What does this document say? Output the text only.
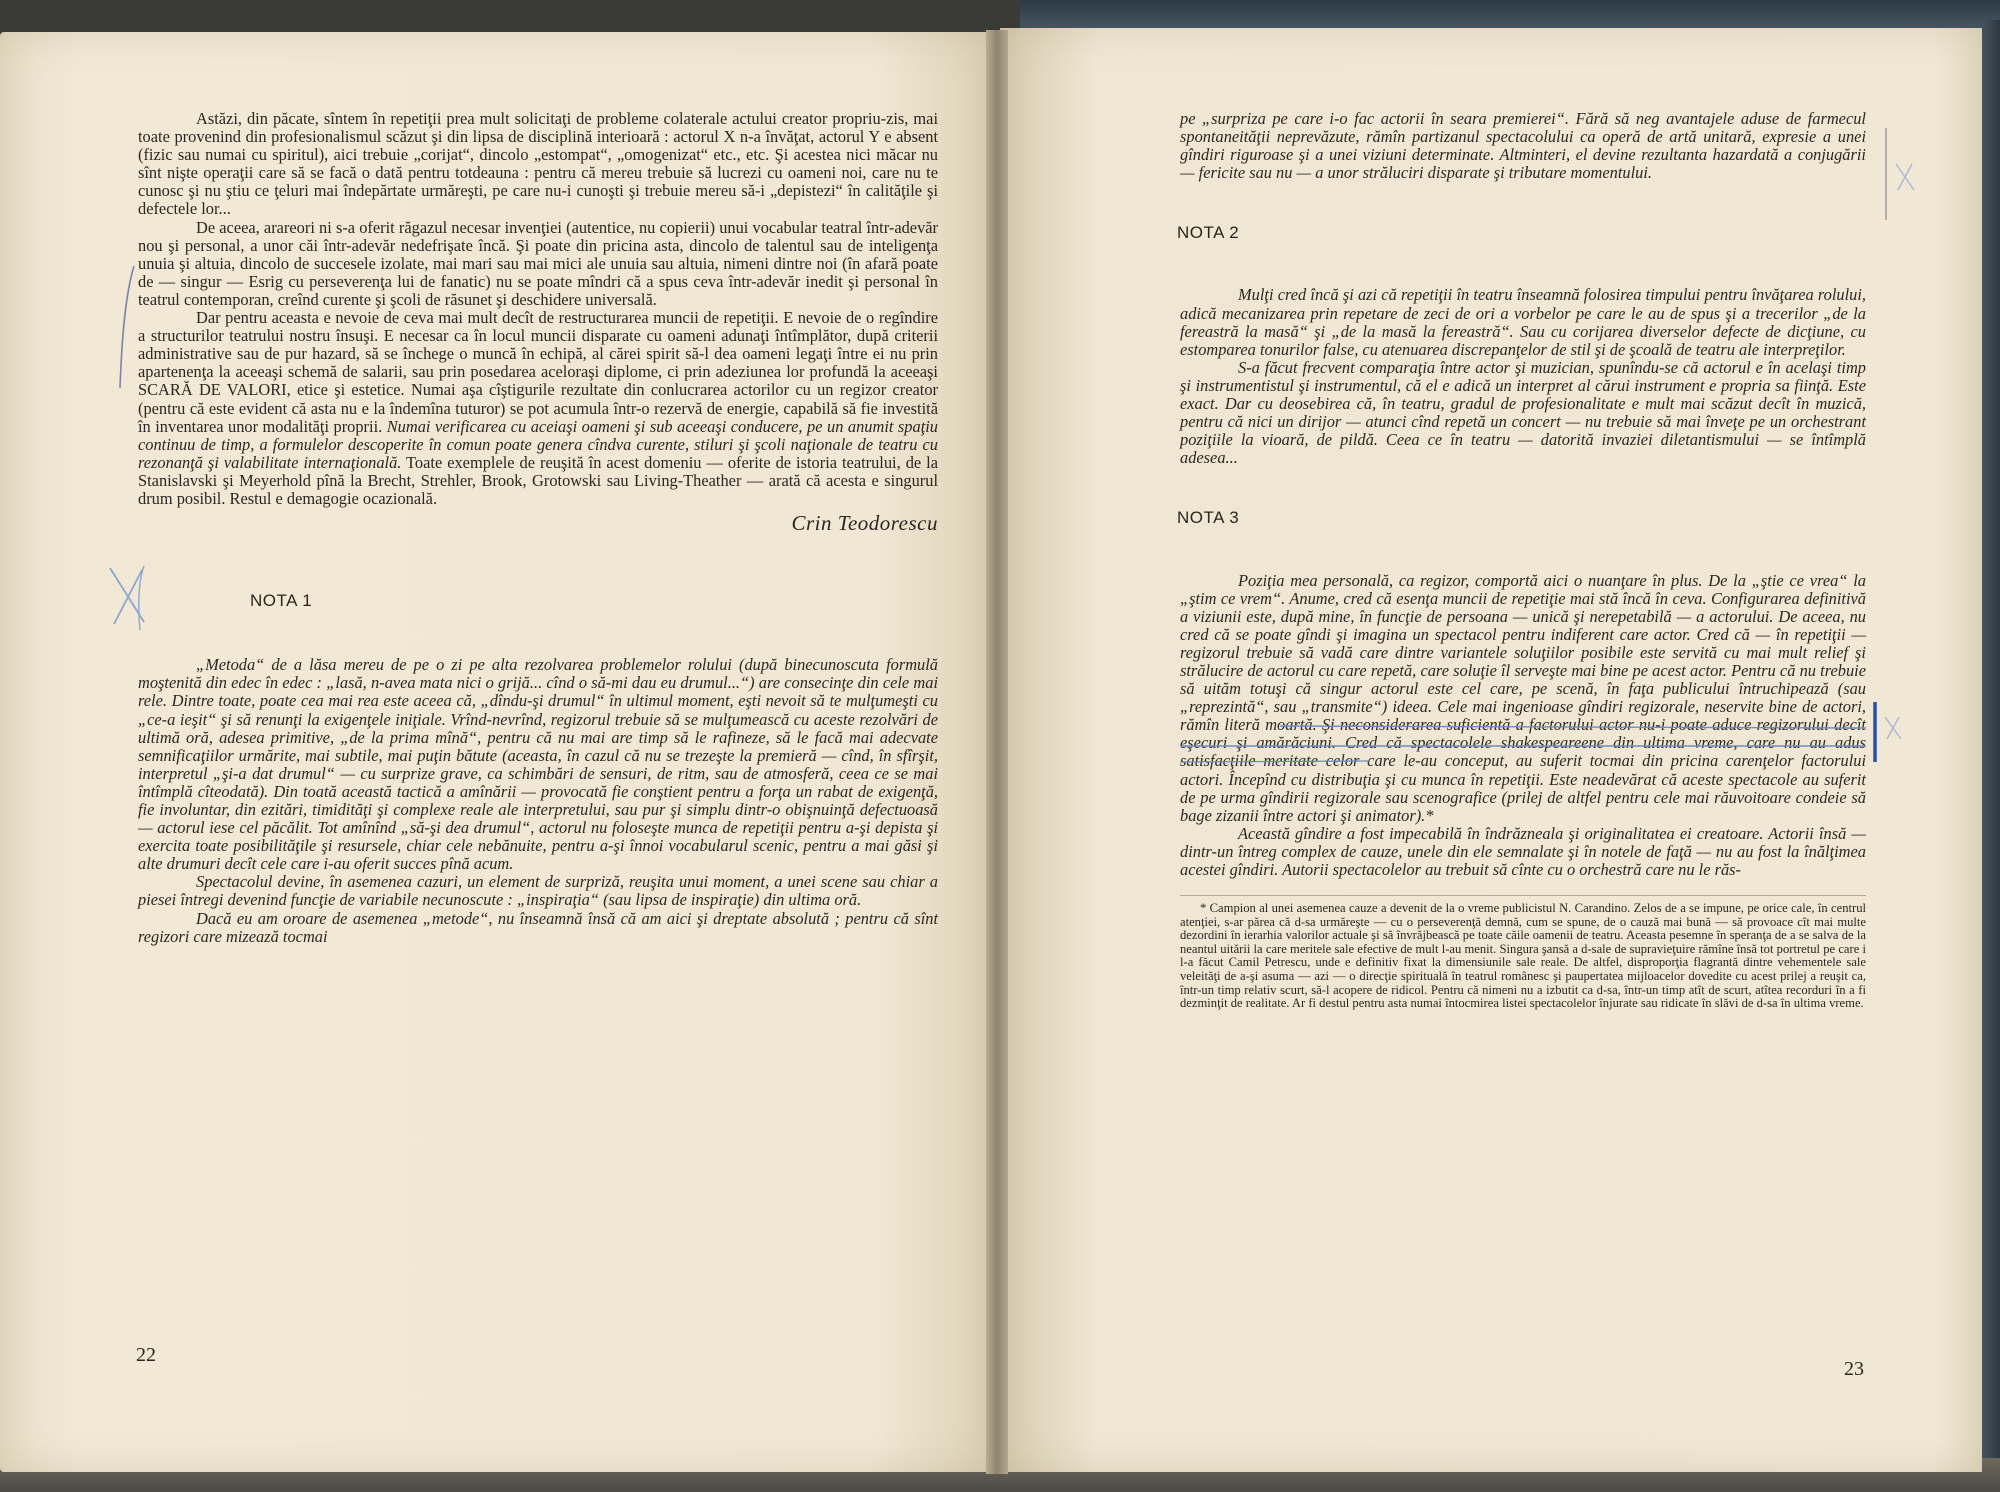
Astăzi, din păcate, sîntem în repetiţii prea mult solicitaţi de probleme colaterale actului creator propriu-zis, mai toate provenind din profesionalismul scăzut şi din lipsa de disciplină interioară : actorul X n-a învăţat, actorul Y e absent (fizic sau numai cu spiritul), aici trebuie „corijat“, dincolo „estompat“, „omogenizat“ etc., etc. Şi acestea nici măcar nu sînt nişte operaţii care să se facă o dată pentru totdeauna : pentru că mereu trebuie să lucrezi cu oameni noi, care nu te cunosc şi nu ştiu ce ţeluri mai îndepărtate urmăreşti, pe care nu-i cunoşti şi trebuie mereu să-i „depistezi“ în calităţile şi defectele lor...

De aceea, arareori ni s-a oferit răgazul necesar invenţiei (autentice, nu copierii) unui vocabular teatral într-adevăr nou şi personal, a unor căi într-adevăr nedefrişate încă. Şi poate din pricina asta, dincolo de talentul sau de inteligenţa unuia şi altuia, dincolo de succesele izolate, mai mari sau mai mici ale unuia sau altuia, nimeni dintre noi (în afară poate de — singur — Esrig cu perseverenţa lui de fanatic) nu se poate mîndri că a spus ceva într-adevăr inedit şi personal în teatrul contemporan, creînd curente şi şcoli de răsunet şi deschidere universală.

Dar pentru aceasta e nevoie de ceva mai mult decît de restructurarea muncii de repetiţii. E nevoie de o regîndire a structurilor teatrului nostru însuşi. E necesar ca în locul muncii disparate cu oameni adunaţi întîmplător, după criterii administrative sau de pur hazard, să se închege o muncă în echipă, al cărei spirit să-l dea oameni legaţi între ei nu prin apartenenţa la aceeaşi schemă de salarii, sau prin posedarea aceloraşi diplome, ci prin adeziunea lor profundă la aceeaşi SCARĂ DE VALORI, etice şi estetice. Numai aşa cîştigurile rezultate din conlucrarea actorilor cu un regizor creator (pentru că este evident că asta nu e la îndemîna tuturor) se pot acumula într-o rezervă de energie, capabilă să fie investită în inventarea unor modalităţi proprii. Numai verificarea cu aceiaşi oameni şi sub aceeaşi conducere, pe un anumit spaţiu continuu de timp, a formulelor descoperite în comun poate genera cîndva curente, stiluri şi şcoli naţionale de teatru cu rezonanţă şi valabilitate internaţională. Toate exemplele de reuşită în acest domeniu — oferite de istoria teatrului, de la Stanislavski şi Meyerhold pînă la Brecht, Strehler, Brook, Grotowski sau Living-Theather — arată că acesta e singurul drum posibil. Restul e demagogie ocazională.

Crin Teodorescu

NOTA 1

„Metoda“ de a lăsa mereu de pe o zi pe alta rezolvarea problemelor rolului (după binecunoscuta formulă moştenită din edec în edec : „lasă, n-avea mata nici o grijă... cînd o să-mi dau eu drumul...“) are consecinţe din cele mai rele. Dintre toate, poate cea mai rea este aceea că, „dîndu-şi drumul“ în ultimul moment, eşti nevoit să te mulţumeşti cu „ce-a ieşit“ şi să renunţi la exigenţele iniţiale. Vrînd-nevrînd, regizorul trebuie să se mulţumească cu aceste rezolvări de ultimă oră, adesea primitive, „de la prima mînă“, pentru că nu mai are timp să le rafineze, să le facă mai adecvate semnificaţiilor urmărite, mai subtile, mai puţin bătute (aceasta, în cazul că nu se trezeşte la premieră — cînd, în sfîrşit, interpretul „şi-a dat drumul“ — cu surprize grave, ca schimbări de sensuri, de ritm, sau de atmosferă, ceea ce se mai întîmplă cîteodată). Din toată această tactică a amînării — provocată fie conştient pentru a forţa un rabat de exigenţă, fie involuntar, din ezitări, timidităţi şi complexe reale ale interpretului, sau pur şi simplu dintr-o obişnuinţă defectuoasă — actorul iese cel păcălit. Tot amînînd „să-şi dea drumul“, actorul nu foloseşte munca de repetiţii pentru a-şi depista şi exercita toate posibilităţile şi resursele, chiar cele nebănuite, pentru a-şi înnoi vocabularul scenic, pentru a mai găsi şi alte drumuri decît cele care i-au oferit succes pînă acum.

Spectacolul devine, în asemenea cazuri, un element de surpriză, reuşita unui moment, a unei scene sau chiar a piesei întregi devenind funcţie de variabile necunoscute : „inspiraţia“ (sau lipsa de inspiraţie) din ultima oră.

Dacă eu am oroare de asemenea „metode“, nu înseamnă însă că am aici şi dreptate absolută ; pentru că sînt regizori care mizează tocmai

22

pe „surpriza pe care i-o fac actorii în seara premierei“. Fără să neg avantajele aduse de farmecul spontaneităţii neprevăzute, rămîn partizanul spectacolului ca operă de artă unitară, expresie a unei gîndiri riguroase şi a unei viziuni determinate. Altminteri, el devine rezultanta hazardată a conjugării — fericite sau nu — a unor străluciri disparate şi tributare momentului.

NOTA 2

Mulţi cred încă şi azi că repetiţii în teatru înseamnă folosirea timpului pentru învăţarea rolului, adică mecanizarea prin repetare de zeci de ori a vorbelor pe care le au de spus şi a trecerilor „de la fereastră la masă“ şi „de la masă la fereastră“. Sau cu corijarea diverselor defecte de dicţiune, cu estomparea tonurilor false, cu atenuarea discrepanţelor de stil şi de şcoală de teatru ale interpreţilor.

S-a făcut frecvent comparaţia între actor şi muzician, spunîndu-se că actorul e în acelaşi timp şi instrumentistul şi instrumentul, că el e adică un interpret al cărui instrument e propria sa fiinţă. Este exact. Dar cu deosebirea că, în teatru, gradul de profesionalitate e mult mai scăzut decît în muzică, pentru că nici un dirijor — atunci cînd repetă un concert — nu trebuie să mai înveţe pe un orchestrant poziţiile la vioară, de pildă. Ceea ce în teatru — datorită invaziei diletantismului — se întîmplă adesea...

NOTA 3

Poziţia mea personală, ca regizor, comportă aici o nuanţare în plus. De la „ştie ce vrea“ la „ştim ce vrem“. Anume, cred că esenţa muncii de repetiţie mai stă încă în ceva. Configurarea definitivă a viziunii este, după mine, în funcţie de persoana — unică şi nerepetabilă — a actorului. De aceea, nu cred că se poate gîndi şi imagina un spectacol pentru indiferent care actor. Cred că — în repetiţii — regizorul trebuie să vadă care dintre variantele soluţiilor posibile este servită cu mai mult relief şi strălucire de actorul cu care repetă, care soluţie îl serveşte mai bine pe acest actor. Pentru că nu trebuie să uităm totuşi că singur actorul este cel care, pe scenă, în faţa publicului întruchipează (sau „reprezintă“, sau „transmite“) ideea. Cele mai ingenioase gîndiri regizorale, neservite bine de actori, rămîn literă moartă. Şi neconsiderarea suficientă a factorului actor nu-i poate aduce regizorului decît eşecuri şi amărăciuni. Cred că spectacolele shakespeareene din ultima vreme, care nu au adus satisfacţiile meritate celor care le-au conceput, au suferit tocmai din pricina carenţelor factorului actori. Începînd cu distribuţia şi cu munca în repetiţii. Este neadevărat că aceste spectacole au suferit de pe urma gîndirii regizorale sau scenografice (prilej de altfel pentru cele mai răuvoitoare condeie să bage zizanii între actori şi animator).*

Această gîndire a fost impecabilă în îndrăzneala şi originalitatea ei creatoare. Actorii însă — dintr-un întreg complex de cauze, unele din ele semnalate şi în notele de faţă — nu au fost la înălţimea acestei gîndiri. Autorii spectacolelor au trebuit să cînte cu o orchestră care nu le răs-

* Campion al unei asemenea cauze a devenit de la o vreme publicistul N. Carandino. Zelos de a se impune, pe orice cale, în centrul atenţiei, s-ar părea că d-sa urmăreşte — cu o perseverenţă demnă, cum se spune, de o cauză mai bună — să provoace cît mai multe dezordini în ierarhia valorilor actuale şi să învrăjbească pe toate căile oamenii de teatru. Aceasta pesemne în speranţa de a se salva de la neantul uitării la care meritele sale efective de mult l-au menit. Singura şansă a d-sale de supravieţuire rămîne însă tot portretul pe care i l-a făcut Camil Petrescu, unde e definitiv fixat la dimensiunile sale reale. De altfel, disproporţia flagrantă dintre vehementele sale veleităţi de a-şi asuma — azi — o direcţie spirituală în teatrul românesc şi paupertatea mijloacelor dovedite cu acest prilej a reuşit ca, într-un timp relativ scurt, să-l acopere de ridicol. Pentru că nimeni nu a izbutit ca d-sa, într-un timp atît de scurt, atîtea recorduri în a fi dezminţit de realitate. Ar fi destul pentru asta numai întocmirea listei spectacolelor înjurate sau ridicate în slăvi de d-sa în ultima vreme.

23
